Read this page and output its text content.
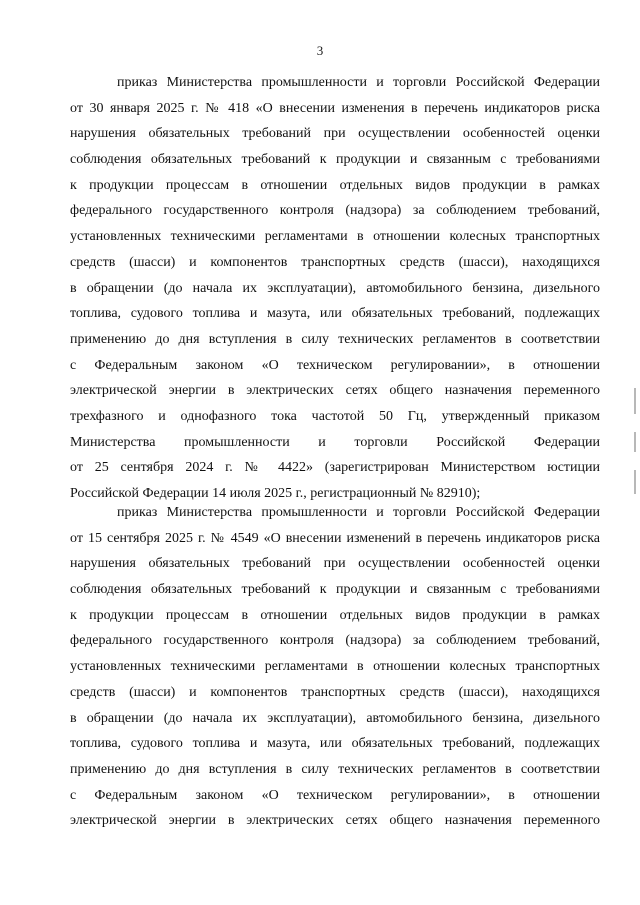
3
приказ Министерства промышленности и торговли Российской Федерации
от 30 января 2025 г. № 418 «О внесении изменения в перечень индикаторов риска
нарушения обязательных требований при осуществлении особенностей оценки
соблюдения обязательных требований к продукции и связанным с требованиями
к продукции процессам в отношении отдельных видов продукции в рамках
федерального государственного контроля (надзора) за соблюдением требований,
установленных техническими регламентами в отношении колесных транспортных
средств (шасси) и компонентов транспортных средств (шасси), находящихся
в обращении (до начала их эксплуатации), автомобильного бензина, дизельного
топлива, судового топлива и мазута, или обязательных требований, подлежащих
применению до дня вступления в силу технических регламентов в соответствии
с Федеральным законом «О техническом регулировании», в отношении
электрической энергии в электрических сетях общего назначения переменного
трехфазного и однофазного тока частотой 50 Гц, утвержденный приказом
Министерства промышленности и торговли Российской Федерации
от 25 сентября 2024 г. № 4422» (зарегистрирован Министерством юстиции
Российской Федерации 14 июля 2025 г., регистрационный № 82910);
приказ Министерства промышленности и торговли Российской Федерации
от 15 сентября 2025 г. № 4549 «О внесении изменений в перечень индикаторов риска
нарушения обязательных требований при осуществлении особенностей оценки
соблюдения обязательных требований к продукции и связанным с требованиями
к продукции процессам в отношении отдельных видов продукции в рамках
федерального государственного контроля (надзора) за соблюдением требований,
установленных техническими регламентами в отношении колесных транспортных
средств (шасси) и компонентов транспортных средств (шасси), находящихся
в обращении (до начала их эксплуатации), автомобильного бензина, дизельного
топлива, судового топлива и мазута, или обязательных требований, подлежащих
применению до дня вступления в силу технических регламентов в соответствии
с Федеральным законом «О техническом регулировании», в отношении
электрической энергии в электрических сетях общего назначения переменного
